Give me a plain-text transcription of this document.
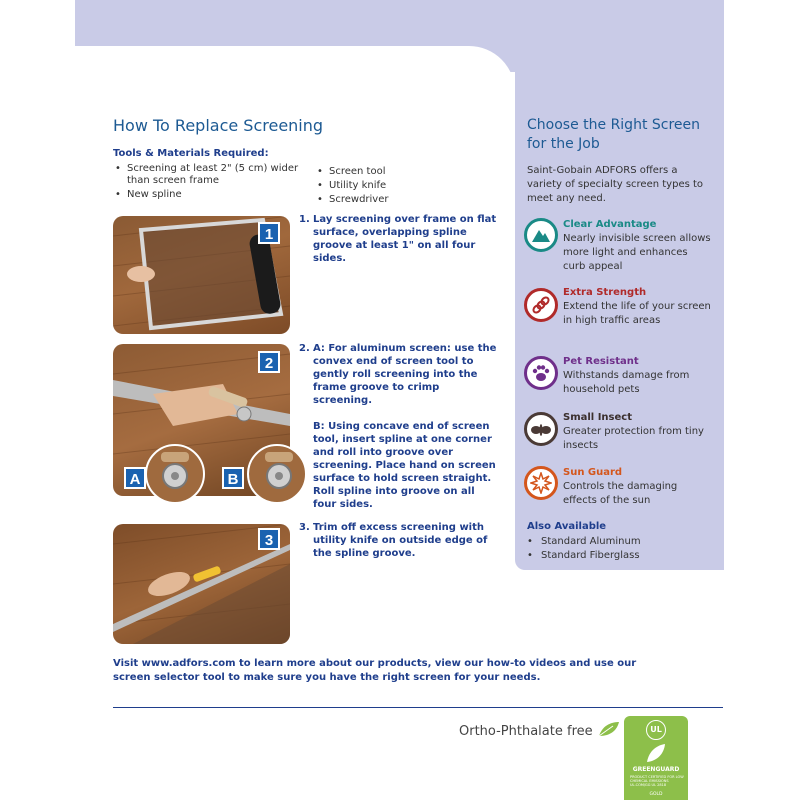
How To Replace Screening
Tools & Materials Required:
• Screening at least 2" (5 cm) wider than screen frame
• New spline
• Screen tool
• Utility knife
• Screwdriver
1
2
A	B
3
1. Lay screening over frame on flat surface, overlapping spline groove at least 1" on all four sides.
2. A: For aluminum screen: use the convex end of screen tool to gently roll screening into the frame groove to crimp screening.
B: Using concave end of screen tool, insert spline at one corner and roll into groove over screening. Place hand on screen surface to hold screen straight. Roll spline into groove on all four sides.
3. Trim off excess screening with utility knife on outside edge of the spline groove.
Choose the Right Screen for the Job
Saint-Gobain ADFORS offers a variety of specialty screen types to meet any need.
Clear Advantage
Nearly invisible screen allows more light and enhances curb appeal
Extra Strength
Extend the life of your screen in high traffic areas
Pet Resistant
Withstands damage from household pets
Small Insect
Greater protection from tiny insects
Sun Guard
Controls the damaging effects of the sun
Also Available
• Standard Aluminum
• Standard Fiberglass
Visit www.adfors.com to learn more about our products, view our how-to videos and use our screen selector tool to make sure you have the right screen for your needs.
Ortho-Phthalate free	UL
GREENGUARD
PRODUCT CERTIFIED FOR LOW CHEMICAL EMISSIONS UL.COM/GG UL 2818
GOLD
